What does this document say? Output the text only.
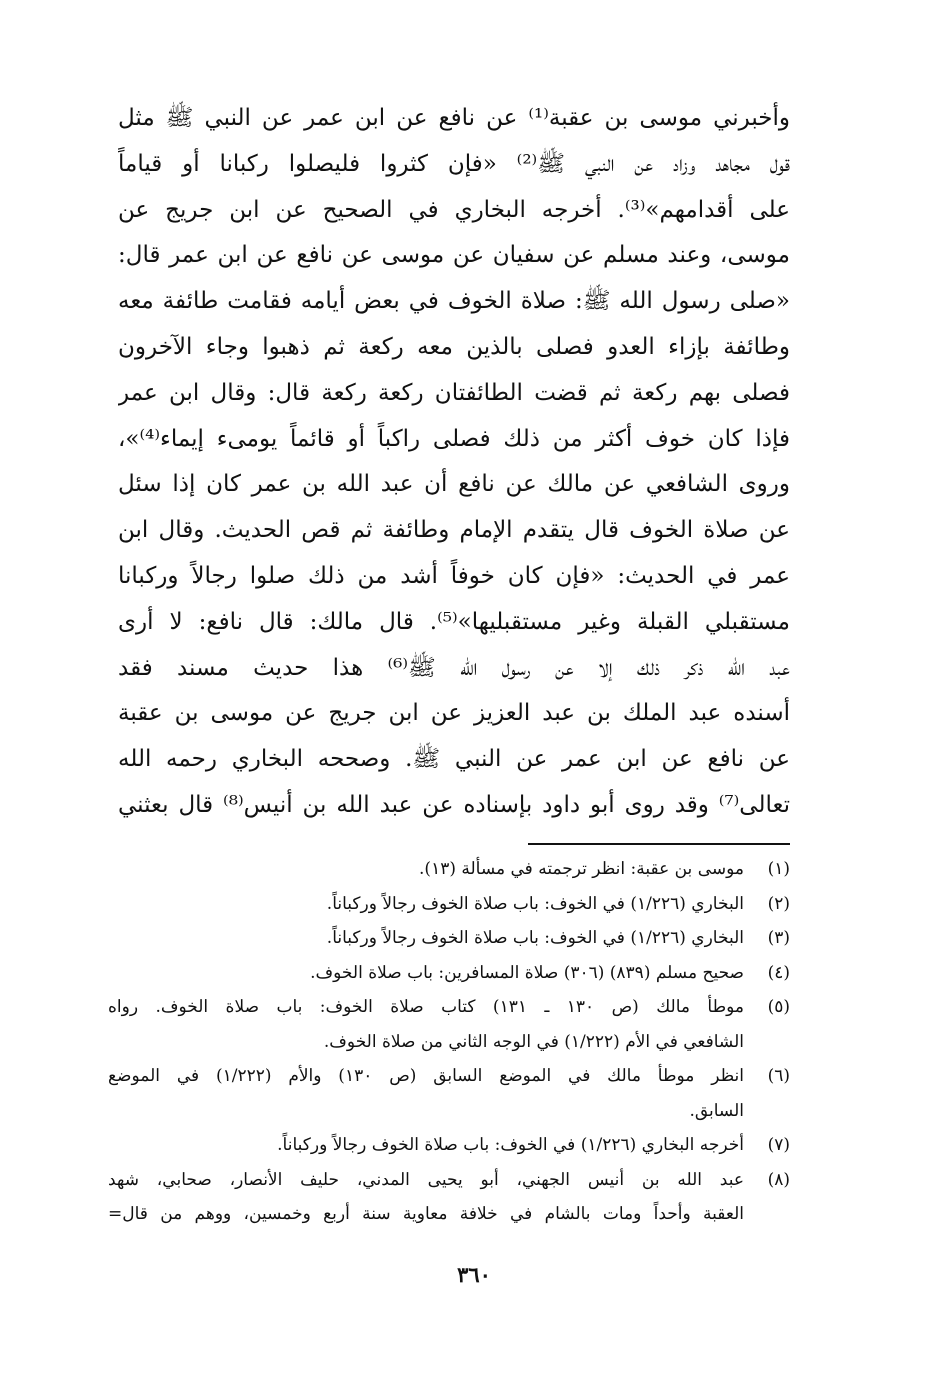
وأخبرني موسى بن عقبة⁽¹⁾ عن نافع عن ابن عمر عن النبي ﷺ مثل
قول مجاهد وزاد عن النبي ﷺ⁽²⁾ «فإن كثروا فليصلوا ركبانا أو قياماً
على أقدامهم»⁽³⁾. أخرجه البخاري في الصحيح عن ابن جريج عن
موسى، وعند مسلم عن سفيان عن موسى عن نافع عن ابن عمر قال:
«صلى رسول الله ﷺ: صلاة الخوف في بعض أيامه فقامت طائفة معه
وطائفة بإزاء العدو فصلى بالذين معه ركعة ثم ذهبوا وجاء الآخرون
فصلى بهم ركعة ثم قضت الطائفتان ركعة ركعة قال: وقال ابن عمر
فإذا كان خوف أكثر من ذلك فصلى راكباً أو قائماً يومىء إيماء⁽⁴⁾»،
وروى الشافعي عن مالك عن نافع أن عبد الله بن عمر كان إذا سئل
عن صلاة الخوف قال يتقدم الإمام وطائفة ثم قص الحديث. وقال ابن
عمر في الحديث: «فإن كان خوفاً أشد من ذلك صلوا رجالاً وركبانا
مستقبلي القبلة وغير مستقبليها»⁽⁵⁾. قال مالك: قال نافع: لا أرى
عبد الله ذكر ذلك إلا عن رسول الله ﷺ⁽⁶⁾ هذا حديث مسند فقد
أسنده عبد الملك بن عبد العزيز عن ابن جريج عن موسى بن عقبة
عن نافع عن ابن عمر عن النبي ﷺ. وصححه البخاري رحمه الله
تعالى⁽⁷⁾ وقد روى أبو داود بإسناده عن عبد الله بن أنيس⁽⁸⁾ قال بعثني
(١)
موسى بن عقبة: انظر ترجمته في مسألة (١٣).
(٢)
البخاري (١/٢٢٦) في الخوف: باب صلاة الخوف رجالاً وركباناً.
(٣)
البخاري (١/٢٢٦) في الخوف: باب صلاة الخوف رجالاً وركباناً.
(٤)
صحيح مسلم (٨٣٩) (٣٠٦) صلاة المسافرين: باب صلاة الخوف.
(٥)
موطأ مالك (ص ١٣٠ ـ ١٣١) كتاب صلاة الخوف: باب صلاة الخوف. رواه
الشافعي في الأم (١/٢٢٢) في الوجه الثاني من صلاة الخوف.
(٦)
انظر موطأ مالك في الموضع السابق (ص ١٣٠) والأم (١/٢٢٢) في الموضع
السابق.
(٧)
أخرجه البخاري (١/٢٢٦) في الخوف: باب صلاة الخوف رجالاً وركباناً.
(٨)
عبد الله بن أنيس الجهني، أبو يحيى المدني، حليف الأنصار، صحابي، شهد
العقبة وأحداً ومات بالشام في خلافة معاوية سنة أربع وخمسين، ووهم من قال=
٣٦٠
